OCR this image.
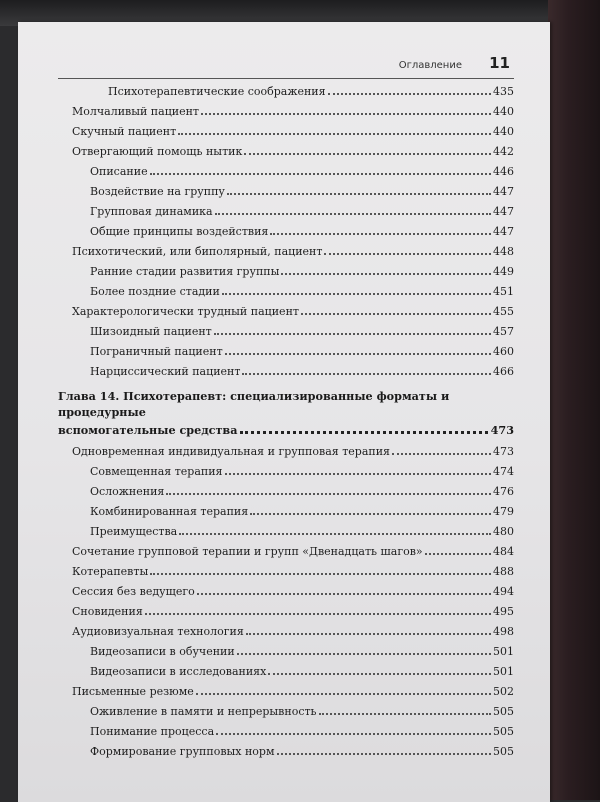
Оглавление 11
Психотерапевтические соображения	435
Молчаливый пациент	440
Скучный пациент	440
Отвергающий помощь нытик	442
Описание	446
Воздействие на группу	447
Групповая динамика	447
Общие принципы воздействия	447
Психотический, или биполярный, пациент	448
Ранние стадии развития группы	449
Более поздние стадии	451
Характерологически трудный пациент	455
Шизоидный пациент	457
Пограничный пациент	460
Нарциссический пациент	466
Глава 14. Психотерапевт: специализированные форматы и процедурные
вспомогательные средства	473
Одновременная индивидуальная и групповая терапия	473
Совмещенная терапия	474
Осложнения	476
Комбинированная терапия	479
Преимущества	480
Сочетание групповой терапии и групп «Двенадцать шагов»	484
Котерапевты	488
Сессия без ведущего	494
Сновидения	495
Аудиовизуальная технология	498
Видеозаписи в обучении	501
Видеозаписи в исследованиях	501
Письменные резюме	502
Оживление в памяти и непрерывность	505
Понимание процесса	505
Формирование групповых норм	505
